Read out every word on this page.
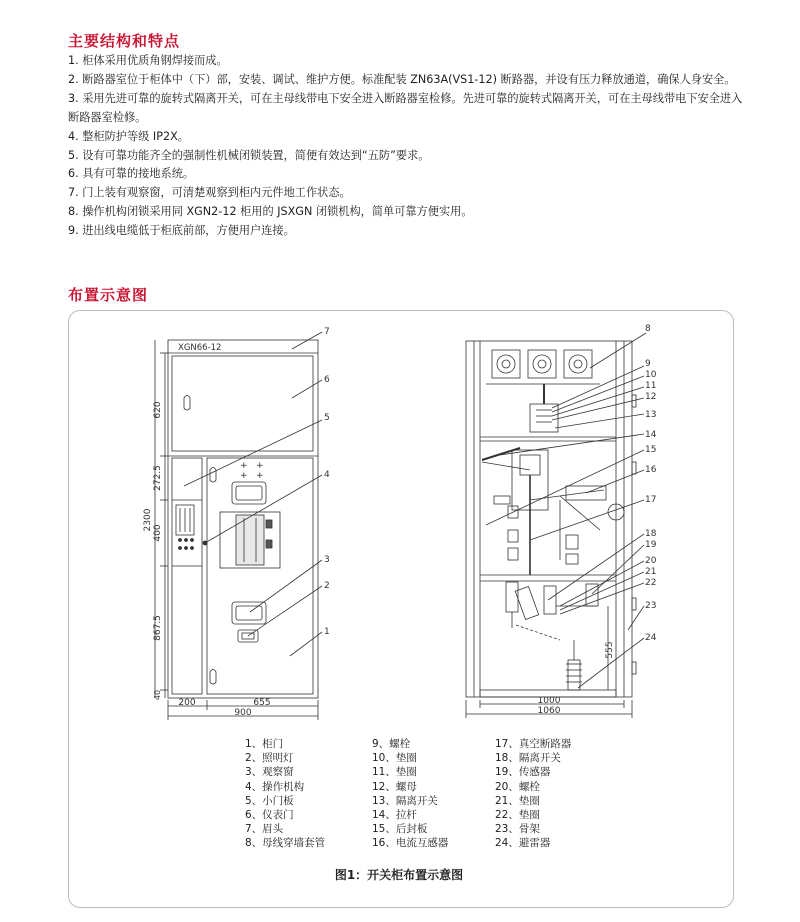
主要结构和特点
1. 柜体采用优质角钢焊接而成。
2. 断路器室位于柜体中（下）部，安装、调试、维护方便。标准配装 ZN63A(VS1-12) 断路器，并设有压力释放通道，确保人身安全。
3. 采用先进可靠的旋转式隔离开关，可在主母线带电下安全进入断路器室检修。先进可靠的旋转式隔离开关，可在主母线带电下安全进入断路器室检修。
4. 整柜防护等级 IP2X。
5. 设有可靠功能齐全的强制性机械闭锁装置，简便有效达到“五防”要求。
6. 具有可靠的接地系统。
7. 门上装有观察窗，可清楚观察到柜内元件地工作状态。
8. 操作机构闭锁采用同 XGN2-12 柜用的 JSXGN 闭锁机构，简单可靠方便实用。
9. 进出线电缆低于柜底前部，方便用户连接。
布置示意图
XGN66-12
+ +
+ +
620
272.5
400
867.5
40
2300
200	655
900
7
6
5
4
3
2
1
1000
1060
555
8
9
10
11
12
13
14
15
16
17
18
19
20
21
22
23
24
1、柜门
2、照明灯
3、观察窗
4、操作机构
5、小门板
6、仪表门
7、眉头
8、母线穿墙套管
9、螺栓
10、垫圈
11、垫圈
12、螺母
13、隔离开关
14、拉杆
15、后封板
16、电流互感器
17、真空断路器
18、隔离开关
19、传感器
20、螺栓
21、垫圈
22、垫圈
23、骨架
24、避雷器
图1：开关柜布置示意图
